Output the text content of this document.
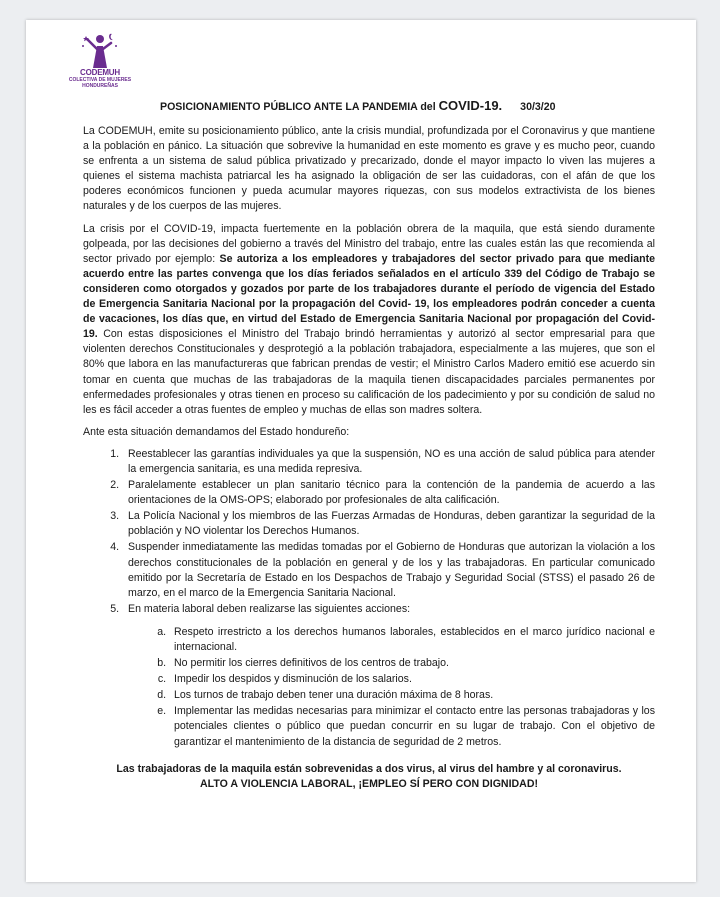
CODEMUH
COLECTIVA DE MUJERES HONDUREÑAS
POSICIONAMIENTO PÚBLICO ANTE LA PANDEMIA del COVID-19. 30/3/20

La CODEMUH, emite su posicionamiento público, ante la crisis mundial, profundizada por el Coronavirus y que mantiene a la población en pánico. La situación que sobrevive la humanidad en este momento es grave y es mucho peor, cuando se enfrenta a un sistema de salud pública privatizado y precarizado, donde el mayor impacto lo viven las mujeres a quienes el sistema machista patriarcal les ha asignado la obligación de ser las cuidadoras, con el afán de que los poderes económicos funcionen y pueda acumular mayores riquezas, con sus modelos extractivista de los bienes naturales y de los cuerpos de las mujeres.

La crisis por el COVID-19, impacta fuertemente en la población obrera de la maquila, que está siendo duramente golpeada, por las decisiones del gobierno a través del Ministro del trabajo, entre las cuales están las que recomienda al sector privado por ejemplo: Se autoriza a los empleadores y trabajadores del sector privado para que mediante acuerdo entre las partes convenga que los días feriados señalados en el artículo 339 del Código de Trabajo se consideren como otorgados y gozados por parte de los trabajadores durante el período de vigencia del Estado de Emergencia Sanitaria Nacional por la propagación del Covid- 19, los empleadores podrán conceder a cuenta de vacaciones, los días que, en virtud del Estado de Emergencia Sanitaria Nacional por propagación del Covid-19. Con estas disposiciones el Ministro del Trabajo brindó herramientas y autorizó al sector empresarial para que violenten derechos Constitucionales y desprotegió a la población trabajadora, especialmente a las mujeres, que son el 80% que labora en las manufactureras que fabrican prendas de vestir; el Ministro Carlos Madero emitió ese acuerdo sin tomar en cuenta que muchas de las trabajadoras de la maquila tienen discapacidades parciales permanentes por enfermedades profesionales y otras tienen en proceso su calificación de los padecimiento y por su condición de salud no les es fácil acceder a otras fuentes de empleo y muchas de ellas son madres soltera.

Ante esta situación demandamos del Estado hondureño:

1. Reestablecer las garantías individuales ya que la suspensión, NO es una acción de salud pública para atender la emergencia sanitaria, es una medida represiva.
2. Paralelamente establecer un plan sanitario técnico para la contención de la pandemia de acuerdo a las orientaciones de la OMS-OPS; elaborado por profesionales de alta calificación.
3. La Policía Nacional y los miembros de las Fuerzas Armadas de Honduras, deben garantizar la seguridad de la población y NO violentar los Derechos Humanos.
4. Suspender inmediatamente las medidas tomadas por el Gobierno de Honduras que autorizan la violación a los derechos constitucionales de la población en general y de los y las trabajadoras. En particular comunicado emitido por la Secretaría de Estado en los Despachos de Trabajo y Seguridad Social (STSS) el pasado 26 de marzo, en el marco de la Emergencia Sanitaria Nacional.
5. En materia laboral deben realizarse las siguientes acciones:
a. Respeto irrestricto a los derechos humanos laborales, establecidos en el marco jurídico nacional e internacional.
b. No permitir los cierres definitivos de los centros de trabajo.
c. Impedir los despidos y disminución de los salarios.
d. Los turnos de trabajo deben tener una duración máxima de 8 horas.
e. Implementar las medidas necesarias para minimizar el contacto entre las personas trabajadoras y los potenciales clientes o público que puedan concurrir en su lugar de trabajo. Con el objetivo de garantizar el mantenimiento de la distancia de seguridad de 2 metros.
Las trabajadoras de la maquila están sobrevenidas a dos virus, al virus del hambre y al coronavirus.
ALTO A VIOLENCIA LABORAL, ¡EMPLEO SÍ PERO CON DIGNIDAD!
